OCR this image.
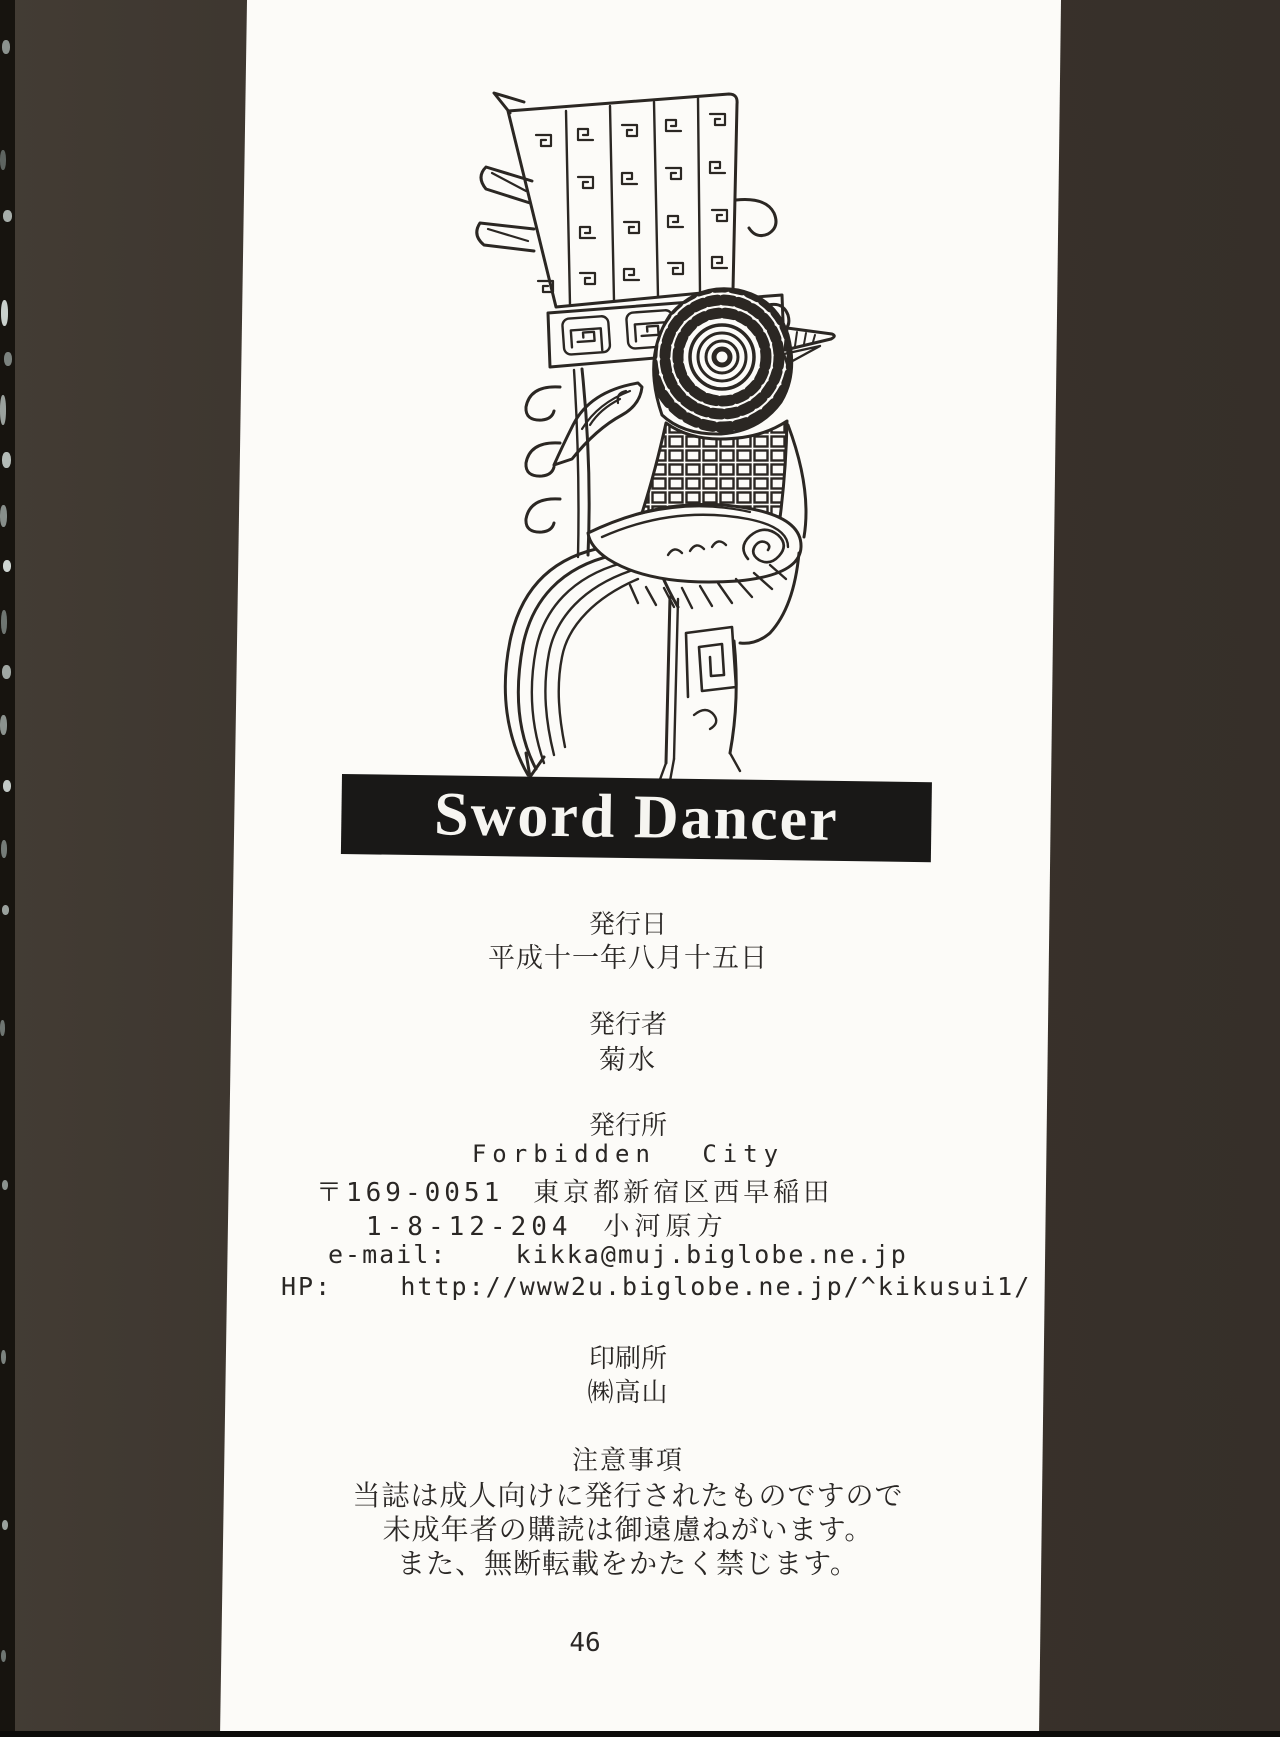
Sword Dancer
発行日
平成十一年八月十五日
発行者
菊水
発行所
Forbidden City
〒169-0051　東京都新宿区西早稲田
1-8-12-204　小河原方
e-mail:    kikka@muj.biglobe.ne.jp
HP:    http://www2u.biglobe.ne.jp/^kikusui1/
印刷所
㈱高山
注意事項
当誌は成人向けに発行されたものですので
未成年者の購読は御遠慮ねがいます。
また、無断転載をかたく禁じます。
46
